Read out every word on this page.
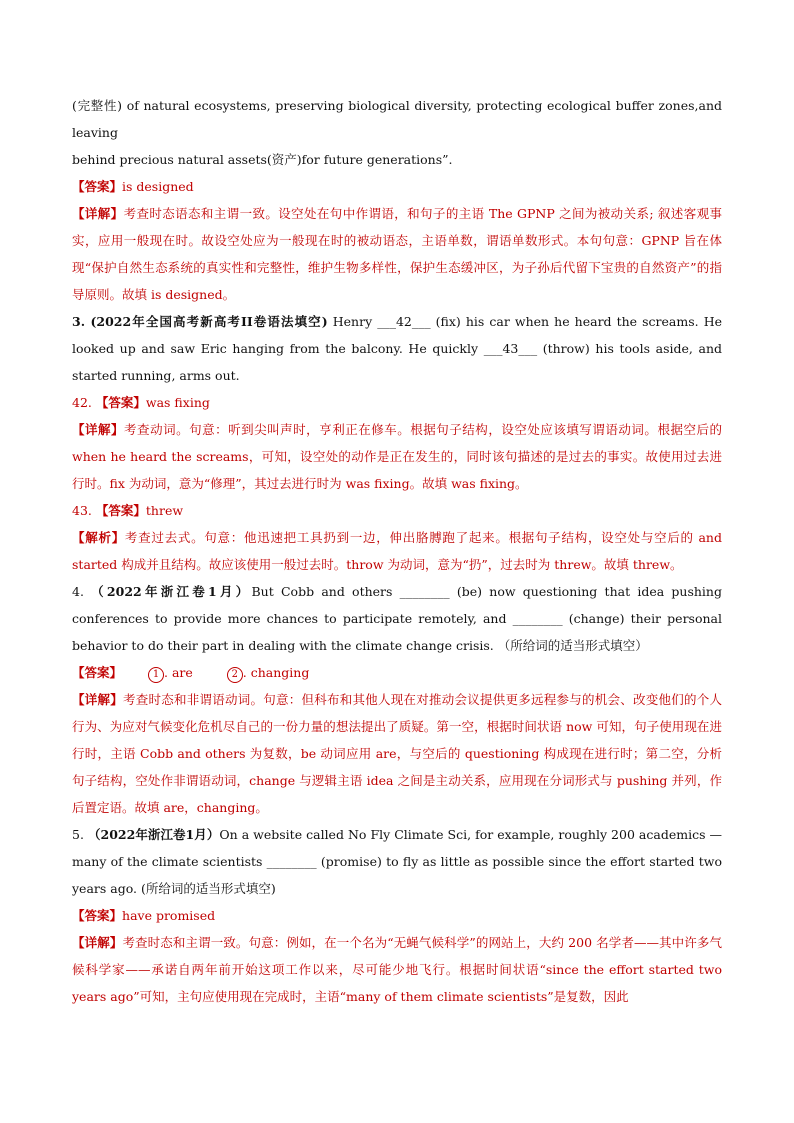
(完整性) of natural ecosystems, preserving biological diversity, protecting ecological buffer zones,and leaving
behind precious natural assets(资产)for future generations”.

【答案】is designed

【详解】考查时态语态和主谓一致。设空处在句中作谓语，和句子的主语 The GPNP 之间为被动关系; 叙述客观事实，应用一般现在时。故设空处应为一般现在时的被动语态，主语单数，谓语单数形式。本句句意：GPNP 旨在体现“保护自然生态系统的真实性和完整性，维护生物多样性，保护生态缓冲区，为子孙后代留下宝贵的自然资产”的指导原则。故填 is designed。

3. (2022年全国高考新高考II卷语法填空) Henry ___42___ (fix) his car when he heard the screams. He looked up and saw Eric hanging from the balcony. He quickly ___43___ (throw) his tools aside, and started running, arms out.

42. 【答案】was fixing

【详解】考查动词。句意：听到尖叫声时，亨利正在修车。根据句子结构，设空处应该填写谓语动词。根据空后的 when he heard the screams，可知，设空处的动作是正在发生的，同时该句描述的是过去的事实。故使用过去进行时。fix 为动词，意为“修理”，其过去进行时为 was fixing。故填 was fixing。

43. 【答案】threw

【解析】考查过去式。句意：他迅速把工具扔到一边，伸出胳膊跑了起来。根据句子结构，设空处与空后的 and started 构成并且结构。故应该使用一般过去时。throw 为动词，意为“扔”，过去时为 threw。故填 threw。

4. （2022年浙江卷1月）But Cobb and others ________ (be) now questioning that idea pushing conferences to provide more chances to participate remotely, and ________ (change) their personal behavior to do their part in dealing with the climate change crisis. （所给词的适当形式填空）

【答案】	1 . are	2 . changing

【详解】考查时态和非谓语动词。句意：但科布和其他人现在对推动会议提供更多远程参与的机会、改变他们的个人行为、为应对气候变化危机尽自己的一份力量的想法提出了质疑。第一空，根据时间状语 now 可知，句子使用现在进行时，主语 Cobb and others 为复数，be 动词应用 are，与空后的 questioning 构成现在进行时；第二空，分析句子结构，空处作非谓语动词，change 与逻辑主语 idea 之间是主动关系，应用现在分词形式与 pushing 并列，作后置定语。故填 are，changing。

5. （2022年浙江卷1月）On a website called No Fly Climate Sci, for example, roughly 200 academics — many of the climate scientists ________ (promise) to fly as little as possible since the effort started two years ago. (所给词的适当形式填空)

【答案】have promised

【详解】考查时态和主谓一致。句意：例如，在一个名为“无蝇气候科学”的网站上，大约 200 名学者——其中许多气候科学家——承诺自两年前开始这项工作以来，尽可能少地飞行。根据时间状语“since the effort started two years ago”可知，主句应使用现在完成时，主语“many of them climate scientists”是复数，因此
